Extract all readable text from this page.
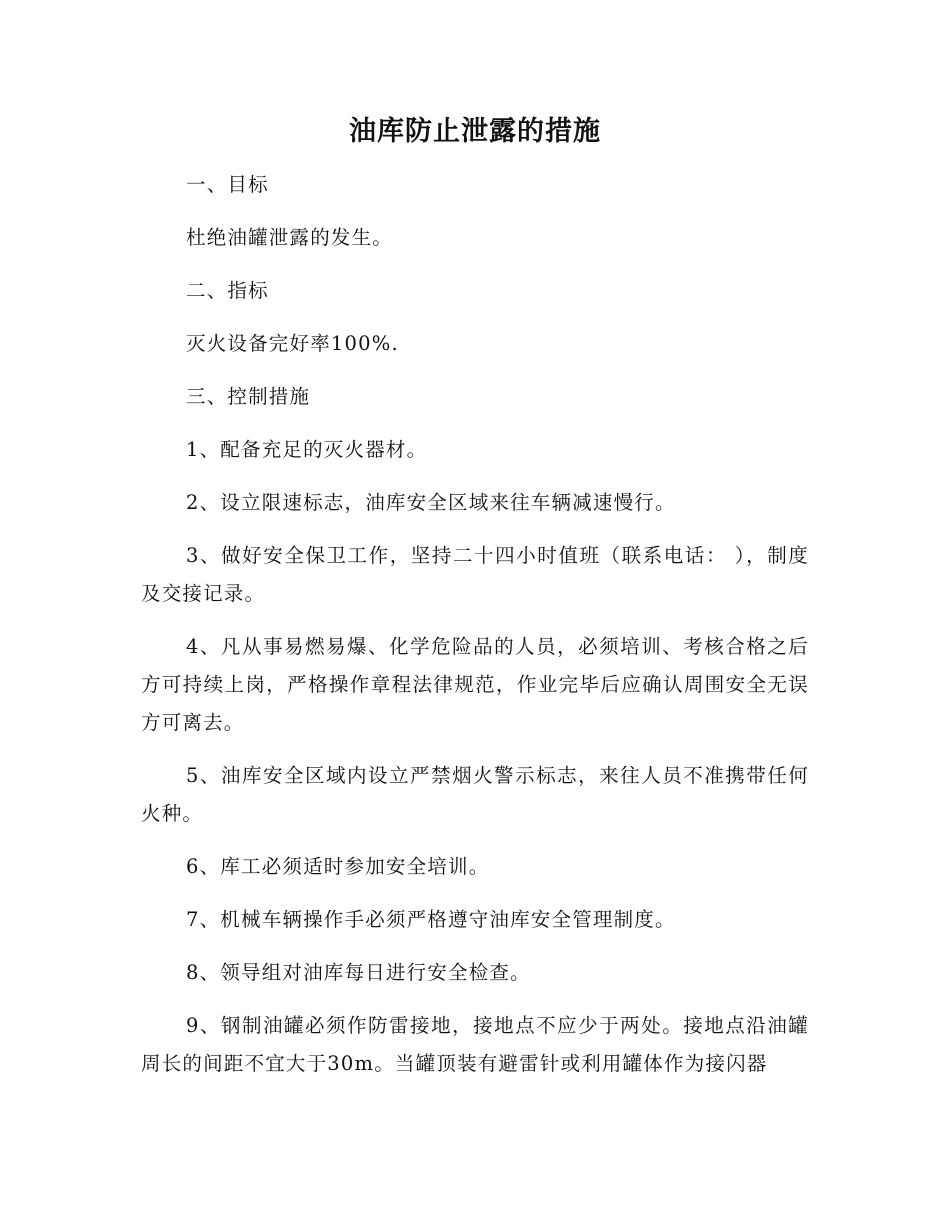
油库防止泄露的措施

一、目标

杜绝油罐泄露的发生。

二、指标

灭火设备完好率100%.

三、控制措施

1、配备充足的灭火器材。

2、设立限速标志，油库安全区域来往车辆减速慢行。

3、做好安全保卫工作，坚持二十四小时值班（联系电话： ），制度及交接记录。

4、凡从事易燃易爆、化学危险品的人员，必须培训、考核合格之后方可持续上岗，严格操作章程法律规范，作业完毕后应确认周围安全无误方可离去。

5、油库安全区域内设立严禁烟火警示标志，来往人员不准携带任何火种。

6、库工必须适时参加安全培训。

7、机械车辆操作手必须严格遵守油库安全管理制度。

8、领导组对油库每日进行安全检查。

9、钢制油罐必须作防雷接地，接地点不应少于两处。接地点沿油罐周长的间距不宜大于30m。当罐顶装有避雷针或利用罐体作为接闪器
